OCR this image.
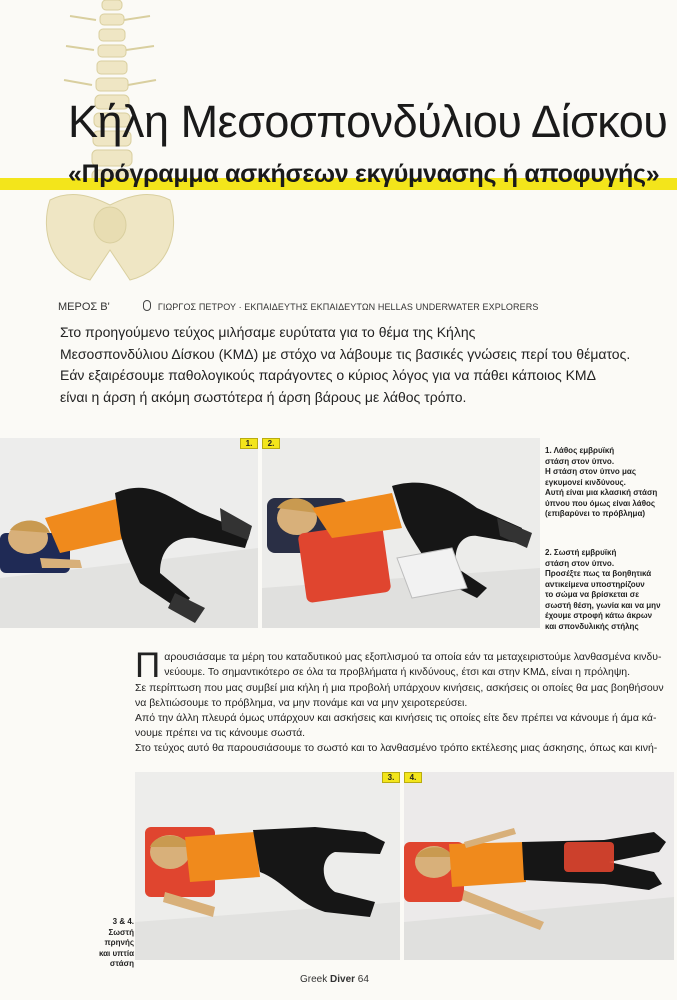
Κήλη Μεσοσπονδύλιου Δίσκου
«Πρόγραμμα ασκήσεων εκγύμνασης ή αποφυγής»
ΜΕΡΟΣ Β'	ΓΙΩΡΓΟΣ ΠΕΤΡΟΥ · ΕΚΠΑΙΔΕΥΤΗΣ ΕΚΠΑΙΔΕΥΤΩΝ HELLAS UNDERWATER EXPLORERS

Στο προηγούμενο τεύχος μιλήσαμε ευρύτατα για το θέμα της Κήλης

Μεσοσπονδύλιου Δίσκου (ΚΜΔ) με στόχο να λάβουμε τις βασικές γνώσεις περί του θέματος.

Εάν εξαιρέσουμε παθολογικούς παράγοντες ο κύριος λόγος για να πάθει κάποιος ΚΜΔ

είναι η άρση ή ακόμη σωστότερα ή άρση βάρους με λάθος τρόπο.

1.	2.
1. Λάθος εμβρυϊκή
στάση στον ύπνο.
Η στάση στον ύπνο μας
εγκυμονεί κινδύνους.
Αυτή είναι μια κλασική στάση
ύπνου που όμως είναι λάθος
(επιβαρύνει το πρόβλημα)
2. Σωστή εμβρυϊκή
στάση στον ύπνο.
Προσέξτε πως τα βοηθητικά
αντικείμενα υποστηρίζουν
το σώμα να βρίσκεται σε
σωστή θέση, γωνία και να μην
έχουμε στροφή κάτω άκρων
και σπονδυλικής στήλης
Π αρουσιάσαμε τα μέρη του καταδυτικού μας εξοπλισμού τα οποία εάν τα μεταχειριστούμε λανθασμένα κινδυ-

νεύουμε. Το σημαντικότερο σε όλα τα προβλήματα ή κινδύνους, έτσι και στην ΚΜΔ, είναι η πρόληψη.

Σε περίπτωση που μας συμβεί μια κήλη ή μια προβολή υπάρχουν κινήσεις, ασκήσεις οι οποίες θα μας βοηθήσουν

να βελτιώσουμε το πρόβλημα, να μην πονάμε και να μην χειροτερεύσει.

Από την άλλη πλευρά όμως υπάρχουν και ασκήσεις και κινήσεις τις οποίες είτε δεν πρέπει να κάνουμε ή άμα κά-

νουμε πρέπει να τις κάνουμε σωστά.

Στο τεύχος αυτό θα παρουσιάσουμε το σωστό και το λανθασμένο τρόπο εκτέλεσης μιας άσκησης, όπως και κινή-

3.	4.
3 & 4.
Σωστή πρηνής
και υπτία στάση
Greek Diver 64
